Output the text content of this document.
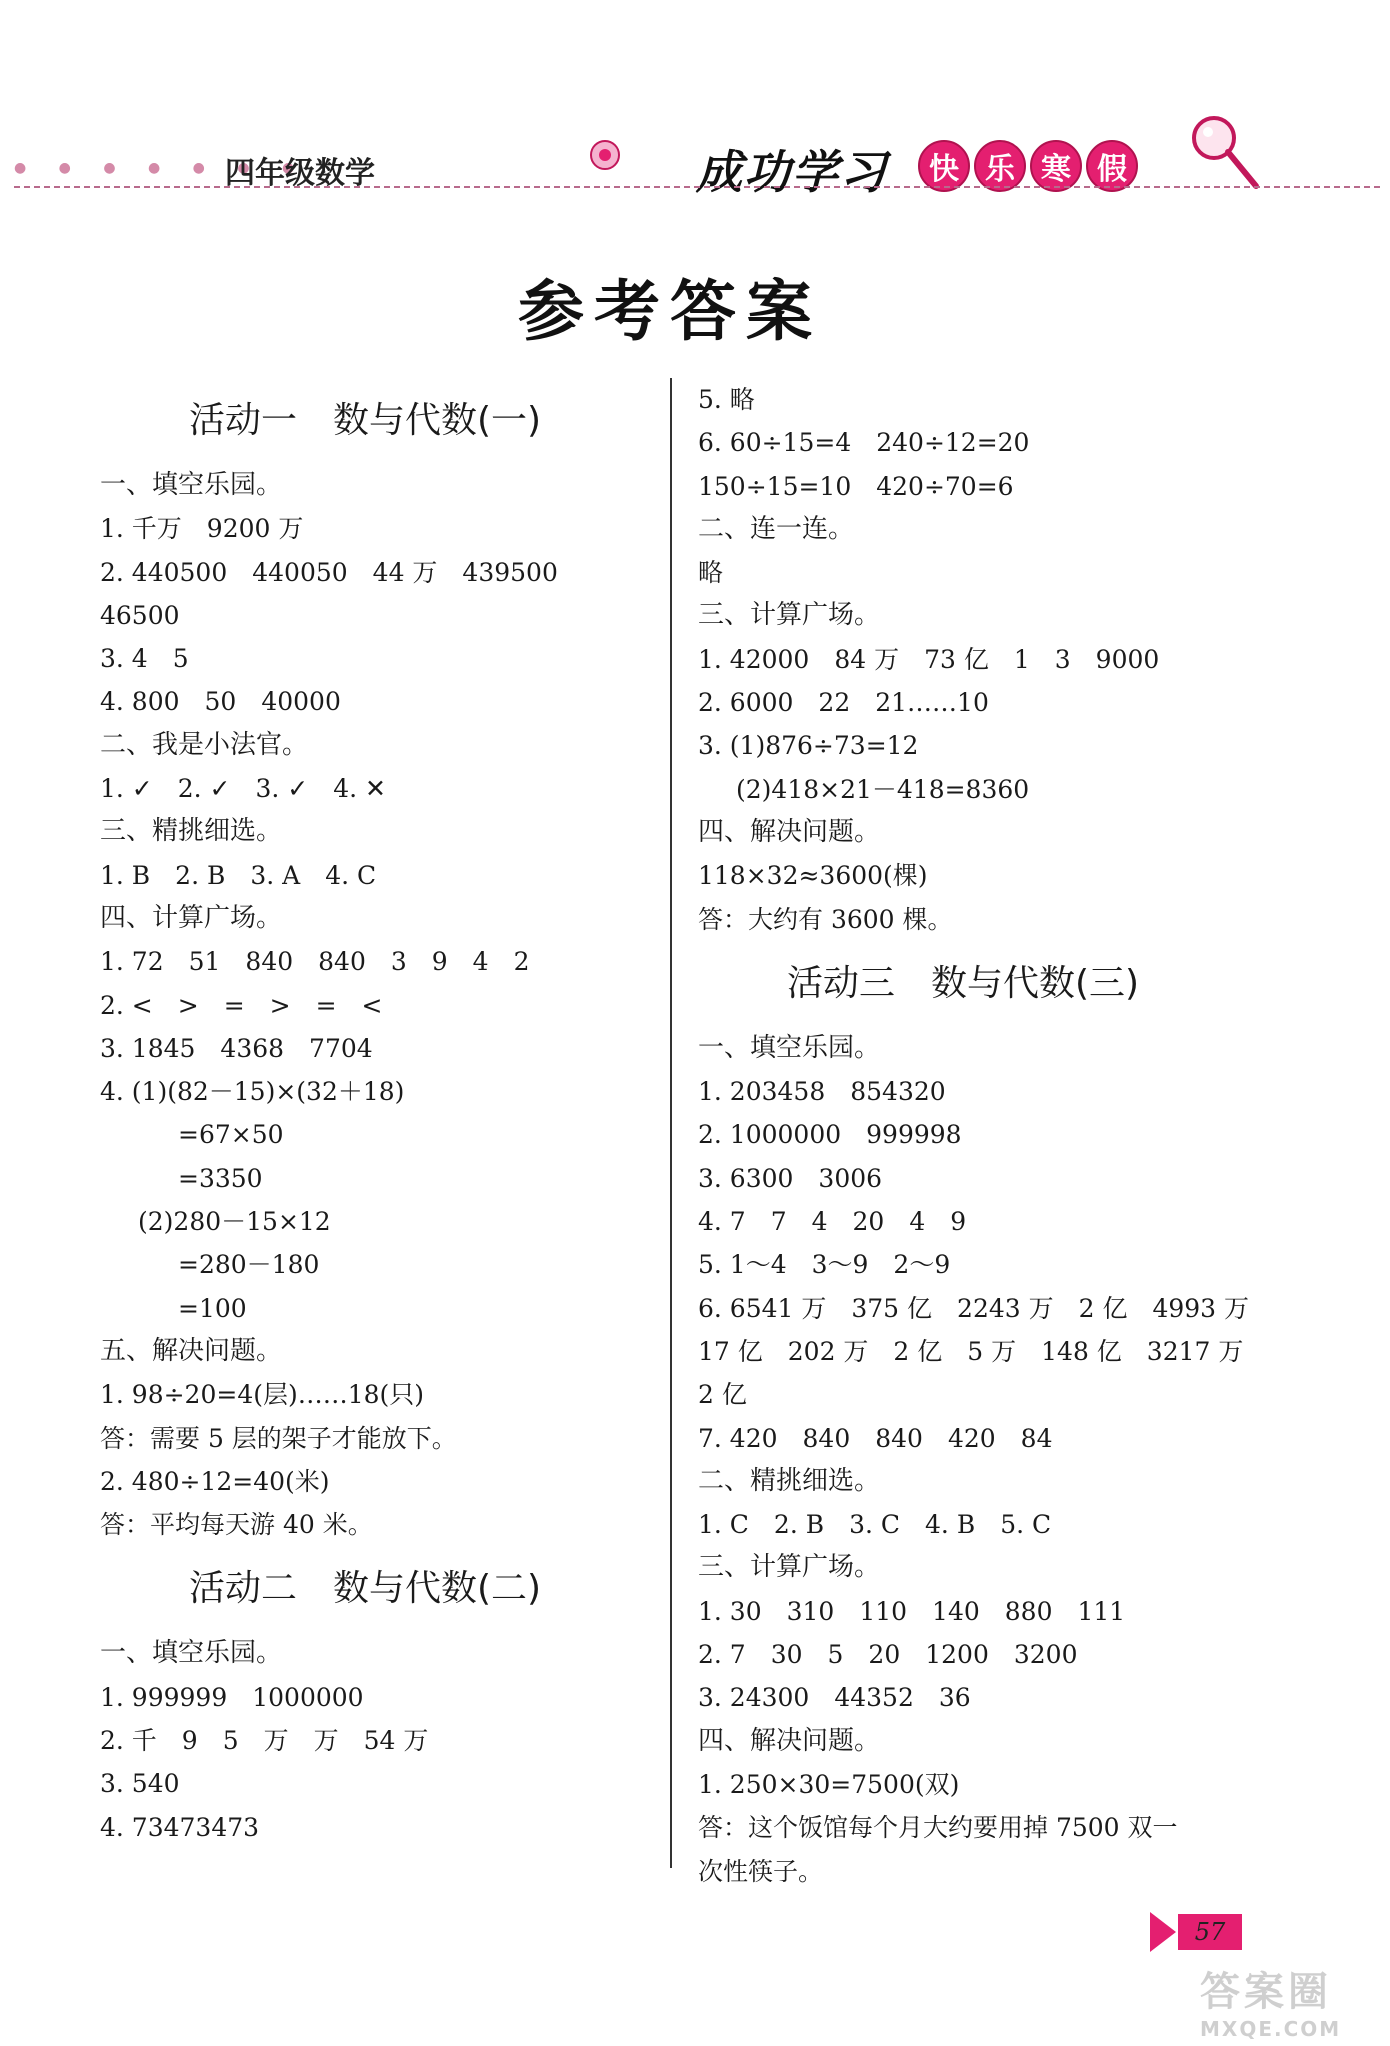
● ● ● ● ● ● ●
四年级数学	成功学习	快 乐 寒 假
参考答案
活动一　数与代数(一)
一、填空乐园。
1. 千万　9200 万
2. 440500　440050　44 万　439500
46500
3. 4　5
4. 800　50　40000
二、我是小法官。
1. ✓　2. ✓　3. ✓　4. ✕
三、精挑细选。
1. B　2. B　3. A　4. C
四、计算广场。
1. 72　51　840　840　3　9　4　2
2. <　>　=　>　=　<
3. 1845　4368　7704
4. (1)(82－15)×(32＋18)
=67×50
=3350
(2)280－15×12
=280－180
=100
五、解决问题。
1. 98÷20=4(层)……18(只)
答：需要 5 层的架子才能放下。
2. 480÷12=40(米)
答：平均每天游 40 米。
活动二　数与代数(二)
一、填空乐园。
1. 999999　1000000
2. 千　9　5　万　万　54 万
3. 540
4. 73473473
5. 略
6. 60÷15=4　240÷12=20
150÷15=10　420÷70=6
二、连一连。
略
三、计算广场。
1. 42000　84 万　73 亿　1　3　9000
2. 6000　22　21……10
3. (1)876÷73=12
(2)418×21－418=8360
四、解决问题。
118×32≈3600(棵)
答：大约有 3600 棵。
活动三　数与代数(三)
一、填空乐园。
1. 203458　854320
2. 1000000　999998
3. 6300　3006
4. 7　7　4　20　4　9
5. 1～4　3～9　2～9
6. 6541 万　375 亿　2243 万　2 亿　4993 万
17 亿　202 万　2 亿　5 万　148 亿　3217 万
2 亿
7. 420　840　840　420　84
二、精挑细选。
1. C　2. B　3. C　4. B　5. C
三、计算广场。
1. 30　310　110　140　880　111
2. 7　30　5　20　1200　3200
3. 24300　44352　36
四、解决问题。
1. 250×30=7500(双)
答：这个饭馆每个月大约要用掉 7500 双一
次性筷子。
57
答案圈
MXQE.COM
